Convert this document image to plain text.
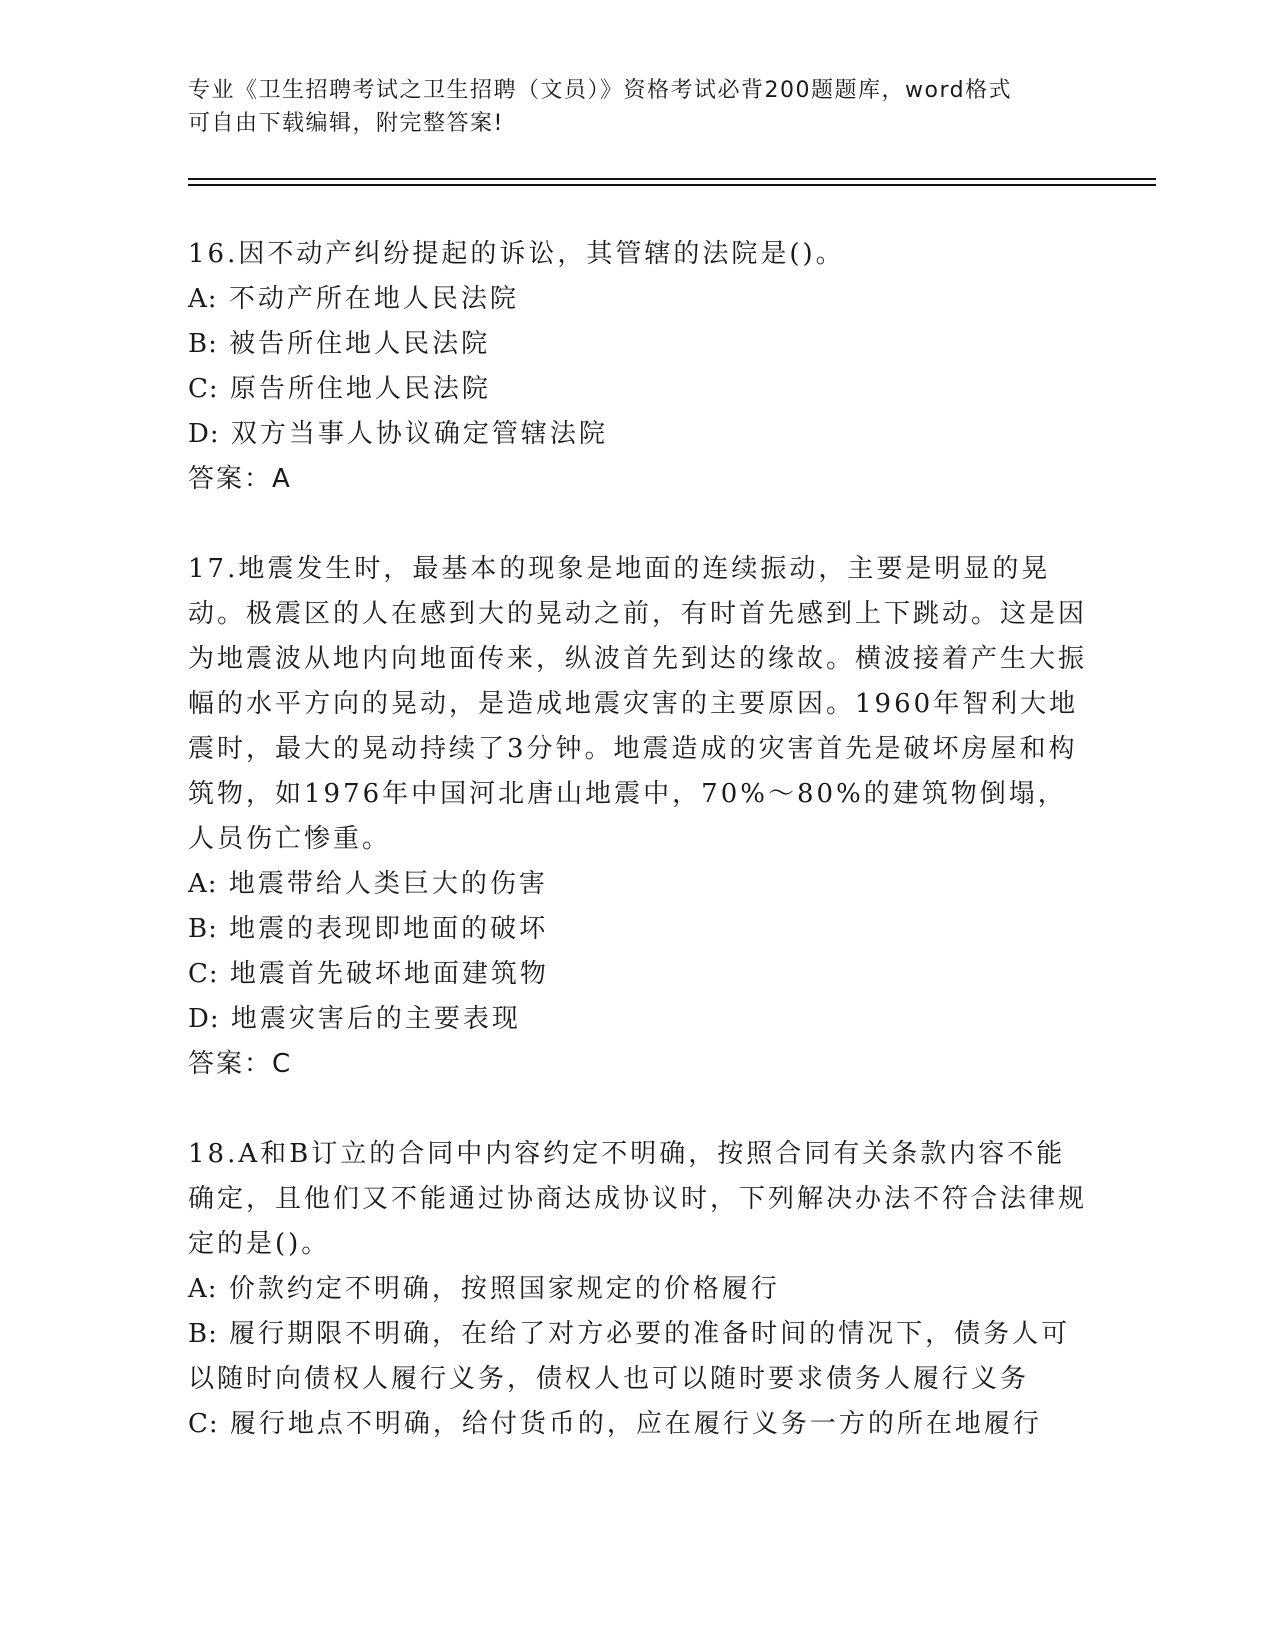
专业《卫生招聘考试之卫生招聘（文员）》资格考试必背200题题库，word格式
可自由下载编辑，附完整答案!

16.因不动产纠纷提起的诉讼，其管辖的法院是()。

A: 不动产所在地人民法院

B: 被告所住地人民法院

C: 原告所住地人民法院

D: 双方当事人协议确定管辖法院

答案：A

17.地震发生时，最基本的现象是地面的连续振动，主要是明显的晃动。极震区的人在感到大的晃动之前，有时首先感到上下跳动。这是因为地震波从地内向地面传来，纵波首先到达的缘故。横波接着产生大振幅的水平方向的晃动，是造成地震灾害的主要原因。1960年智利大地震时，最大的晃动持续了3分钟。地震造成的灾害首先是破坏房屋和构筑物，如1976年中国河北唐山地震中，70%～80%的建筑物倒塌，人员伤亡惨重。

A: 地震带给人类巨大的伤害

B: 地震的表现即地面的破坏

C: 地震首先破坏地面建筑物

D: 地震灾害后的主要表现

答案：C

18.A和B订立的合同中内容约定不明确，按照合同有关条款内容不能确定，且他们又不能通过协商达成协议时，下列解决办法不符合法律规定的是()。

A: 价款约定不明确，按照国家规定的价格履行

B: 履行期限不明确，在给了对方必要的准备时间的情况下，债务人可以随时向债权人履行义务，债权人也可以随时要求债务人履行义务

C: 履行地点不明确，给付货币的，应在履行义务一方的所在地履行
